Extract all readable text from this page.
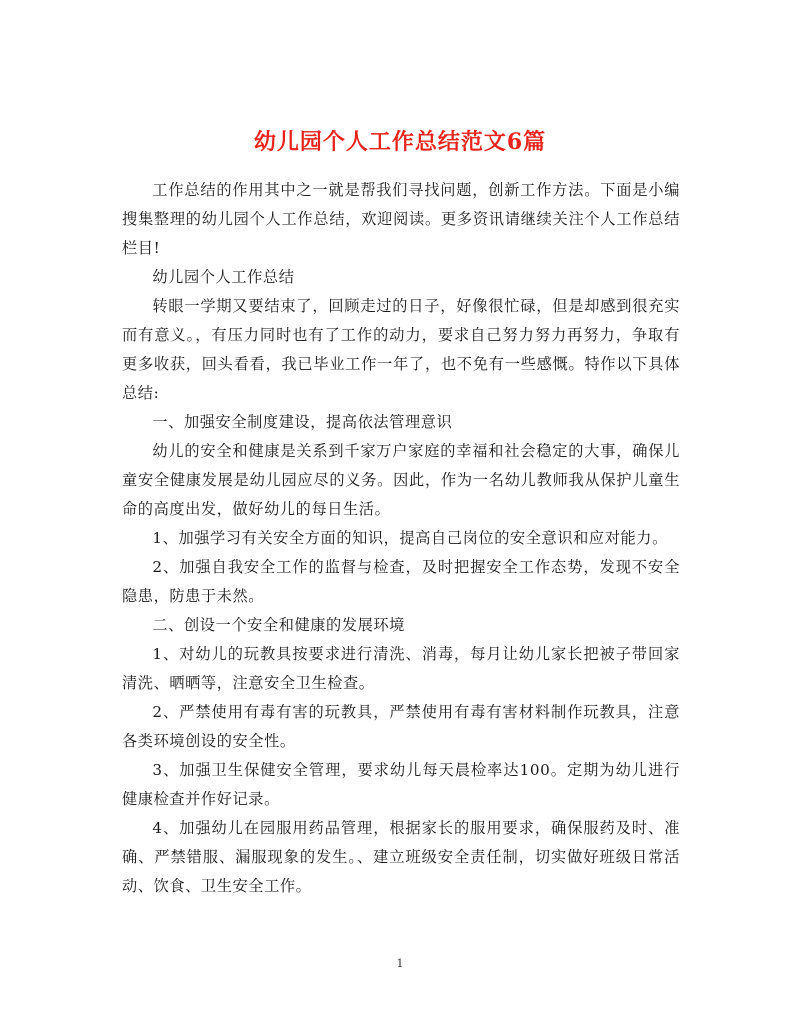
幼儿园个人工作总结范文6篇

工作总结的作用其中之一就是帮我们寻找问题，创新工作方法。下面是小编搜集整理的幼儿园个人工作总结，欢迎阅读。更多资讯请继续关注个人工作总结栏目!

幼儿园个人工作总结

转眼一学期又要结束了，回顾走过的日子，好像很忙碌，但是却感到很充实而有意义。，有压力同时也有了工作的动力，要求自己努力努力再努力，争取有更多收获，回头看看，我已毕业工作一年了，也不免有一些感慨。特作以下具体总结:

一、加强安全制度建设，提高依法管理意识

幼儿的安全和健康是关系到千家万户家庭的幸福和社会稳定的大事，确保儿童安全健康发展是幼儿园应尽的义务。因此，作为一名幼儿教师我从保护儿童生命的高度出发，做好幼儿的每日生活。

1、加强学习有关安全方面的知识，提高自己岗位的安全意识和应对能力。

2、加强自我安全工作的监督与检查，及时把握安全工作态势，发现不安全隐患，防患于未然。

二、创设一个安全和健康的发展环境

1、对幼儿的玩教具按要求进行清洗、消毒，每月让幼儿家长把被子带回家清洗、晒晒等，注意安全卫生检查。

2、严禁使用有毒有害的玩教具，严禁使用有毒有害材料制作玩教具，注意各类环境创设的安全性。

3、加强卫生保健安全管理，要求幼儿每天晨检率达100。定期为幼儿进行健康检查并作好记录。

4、加强幼儿在园服用药品管理，根据家长的服用要求，确保服药及时、准确、严禁错服、漏服现象的发生。、建立班级安全责任制，切实做好班级日常活动、饮食、卫生安全工作。

1
